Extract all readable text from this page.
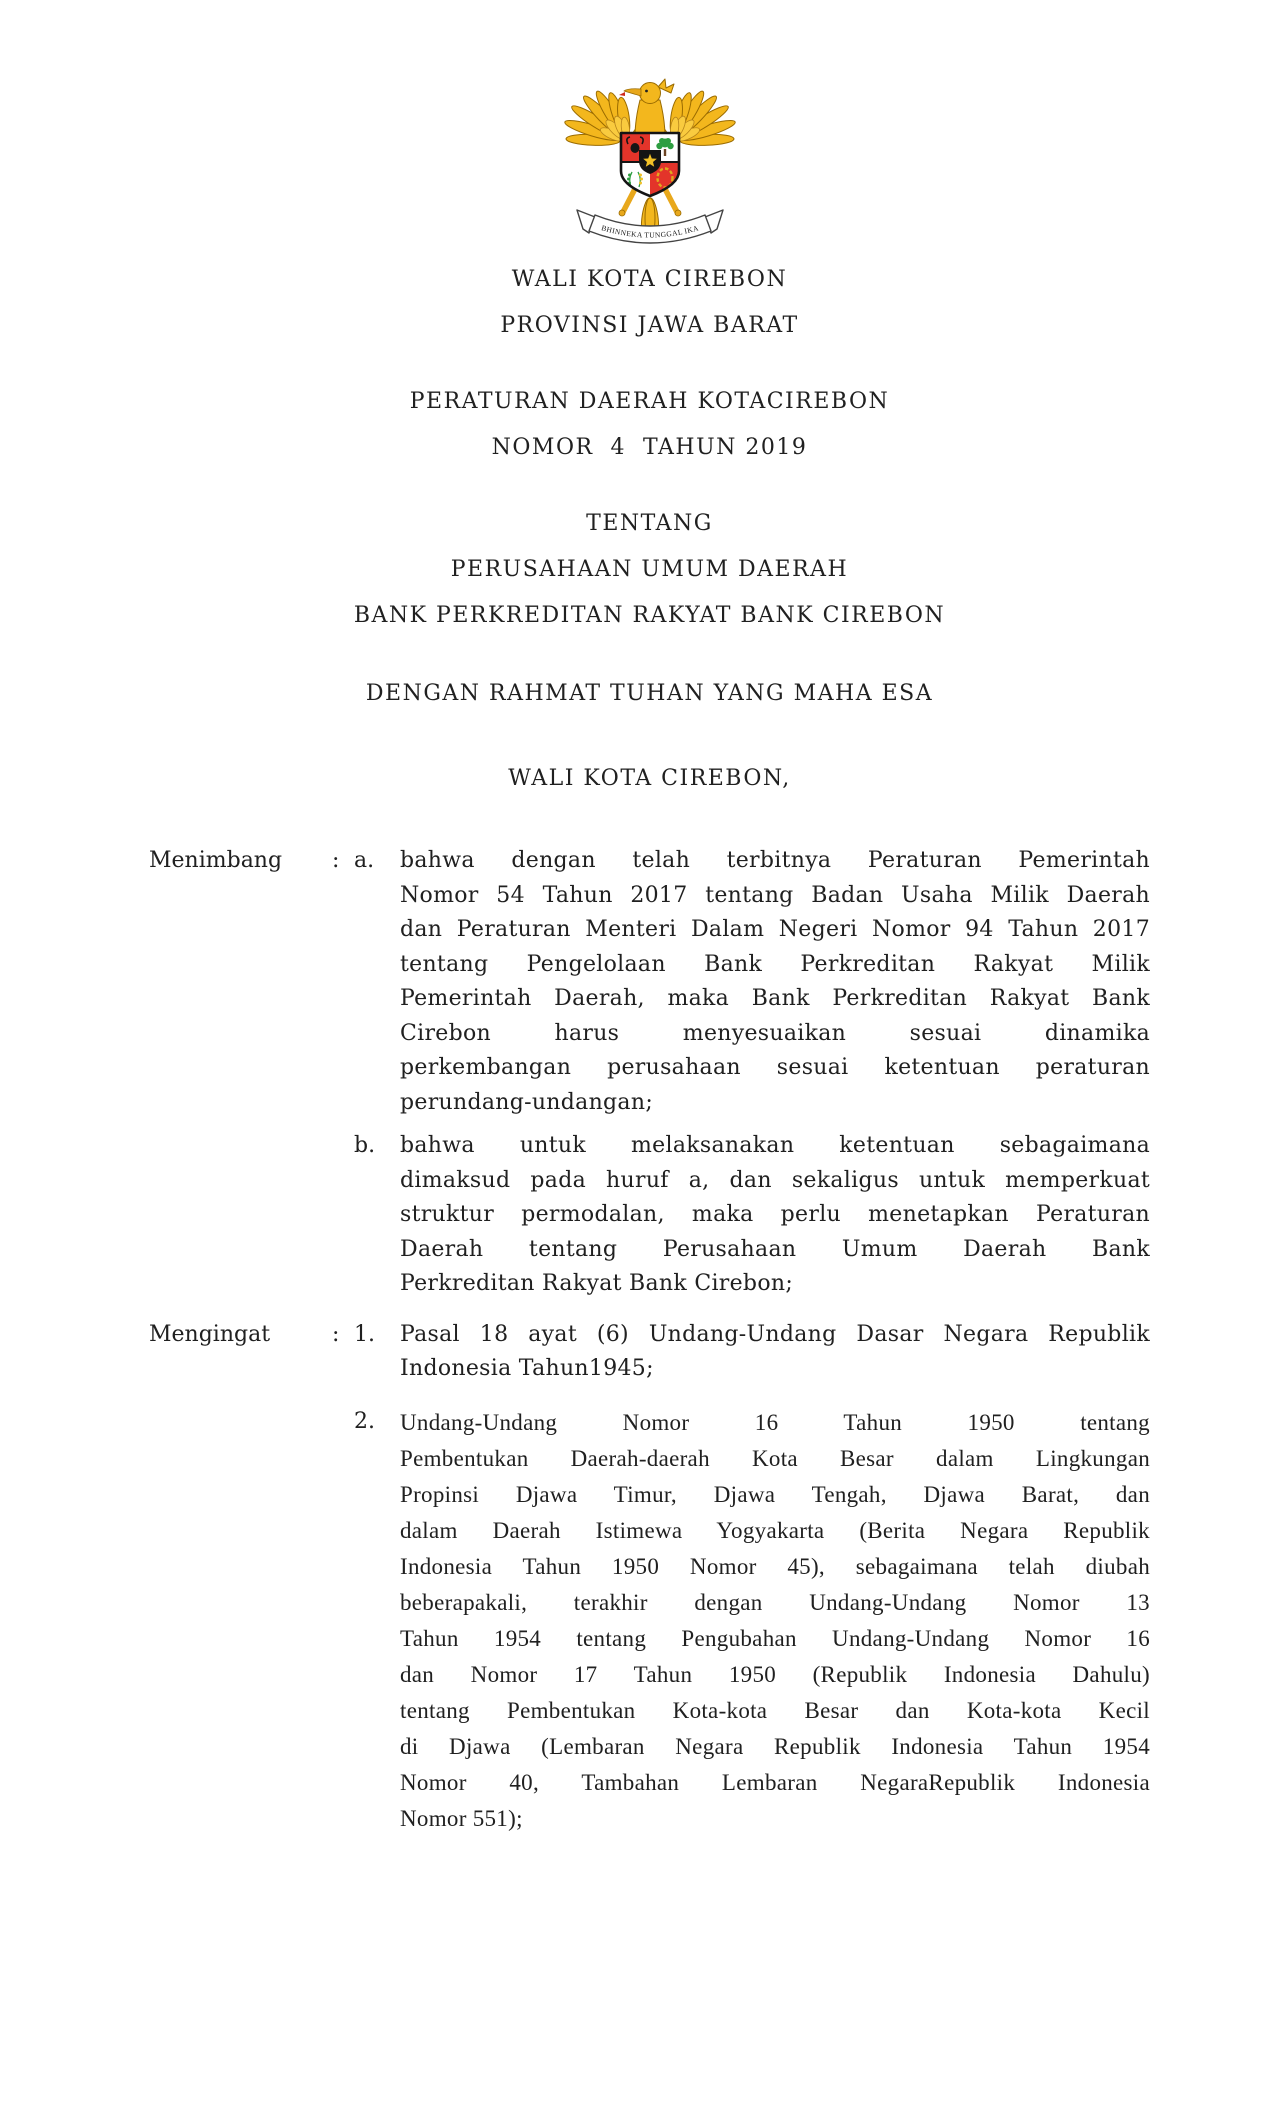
BHINNEKA TUNGGAL IKA
WALI KOTA CIREBON
PROVINSI JAWA BARAT
PERATURAN DAERAH KOTACIREBON
NOMOR  4  TAHUN 2019
TENTANG
PERUSAHAAN UMUM DAERAH
BANK PERKREDITAN RAKYAT BANK CIREBON
DENGAN RAHMAT TUHAN YANG MAHA ESA
WALI KOTA CIREBON,
Menimbang	: a.	bahwa dengan telah terbitnya Peraturan Pemerintah
Nomor 54 Tahun 2017 tentang Badan Usaha Milik Daerah
dan Peraturan Menteri Dalam Negeri Nomor 94 Tahun 2017
tentang Pengelolaan Bank Perkreditan Rakyat Milik
Pemerintah Daerah, maka Bank Perkreditan Rakyat Bank
Cirebon harus menyesuaikan sesuai dinamika
perkembangan perusahaan sesuai ketentuan peraturan
perundang-undangan;
b.	bahwa untuk melaksanakan ketentuan sebagaimana
dimaksud pada huruf a, dan sekaligus untuk memperkuat
struktur permodalan, maka perlu menetapkan Peraturan
Daerah tentang Perusahaan Umum Daerah Bank
Perkreditan Rakyat Bank Cirebon;
Mengingat	: 1.	Pasal 18 ayat (6) Undang-Undang Dasar Negara Republik
Indonesia Tahun1945;
2.	Undang-Undang Nomor 16 Tahun 1950 tentang
Pembentukan Daerah-daerah Kota Besar dalam Lingkungan
Propinsi Djawa Timur, Djawa Tengah, Djawa Barat, dan
dalam Daerah Istimewa Yogyakarta (Berita Negara Republik
Indonesia Tahun 1950 Nomor 45), sebagaimana telah diubah
beberapakali, terakhir dengan Undang-Undang Nomor 13
Tahun 1954 tentang Pengubahan Undang-Undang Nomor 16
dan Nomor 17 Tahun 1950 (Republik Indonesia Dahulu)
tentang Pembentukan Kota-kota Besar dan Kota-kota Kecil
di Djawa (Lembaran Negara Republik Indonesia Tahun 1954
Nomor 40, Tambahan Lembaran NegaraRepublik Indonesia
Nomor 551);
